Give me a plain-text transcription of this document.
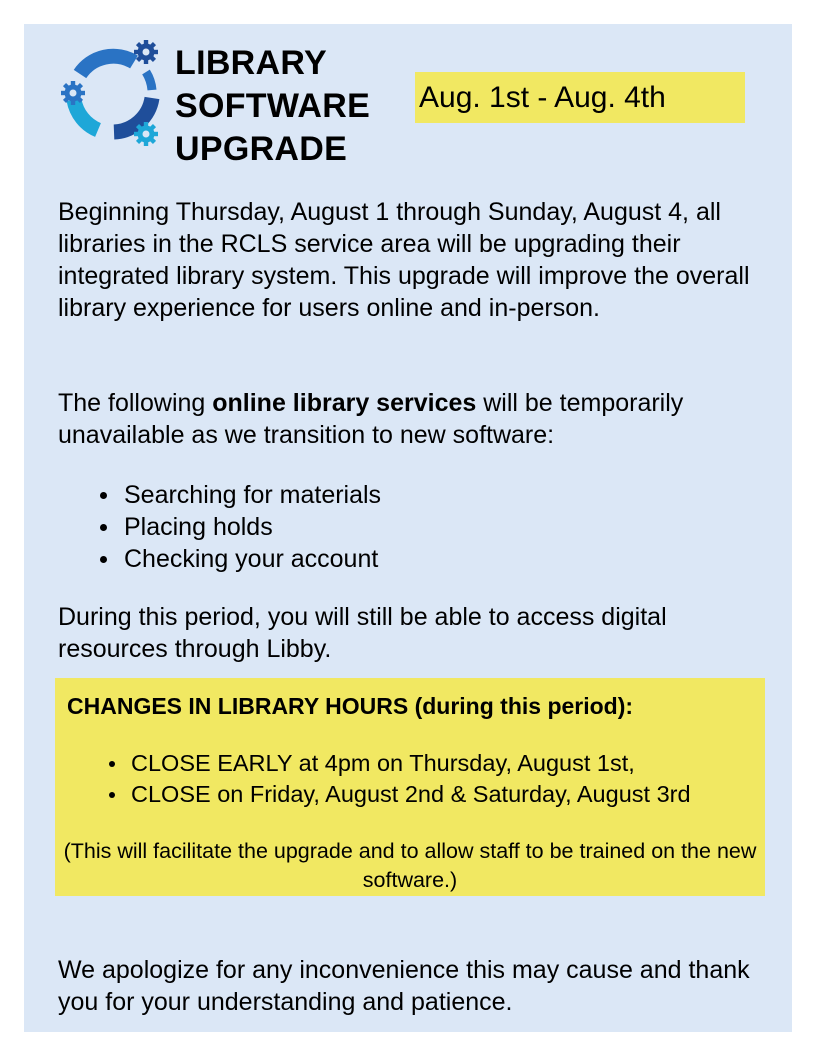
LIBRARY
SOFTWARE
UPGRADE
Aug. 1st - Aug. 4th

Beginning Thursday, August 1 through Sunday, August 4, all libraries in the RCLS service area will be upgrading their integrated library system. This upgrade will improve the overall library experience for users online and in-person.

The following online library services will be temporarily unavailable as we transition to new software:

Searching for materials
Placing holds
Checking your account

During this period, you will still be able to access digital resources through Libby.

CHANGES IN LIBRARY HOURS (during this period):
CLOSE EARLY at 4pm on Thursday, August 1st,
CLOSE on Friday, August 2nd & Saturday, August 3rd

(This will facilitate the upgrade and to allow staff to be trained on the new software.)

We apologize for any inconvenience this may cause and thank you for your understanding and patience.
